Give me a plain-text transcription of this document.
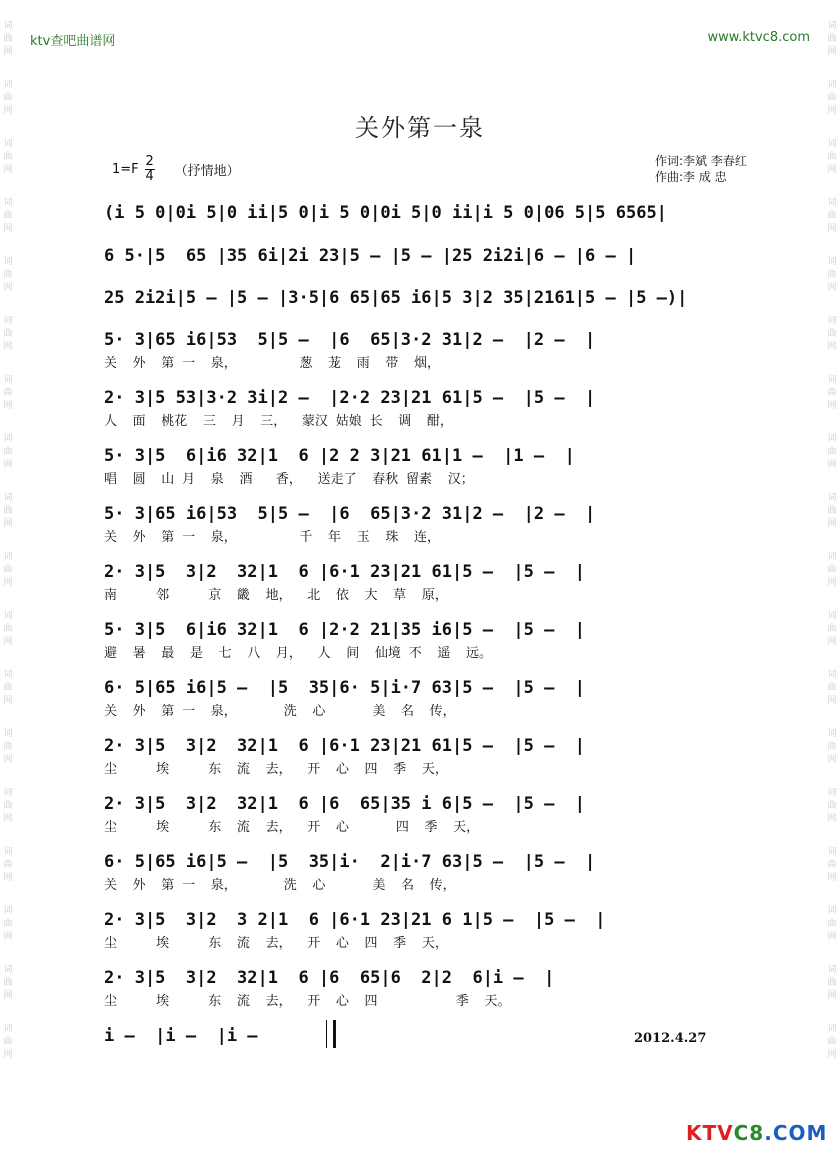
词
曲
网
词
曲
网
词
曲
网
词
曲
网
词
曲
网
词
曲
网
词
曲
网
词
曲
网
词
曲
网
词
曲
网
词
曲
网
词
曲
网
词
曲
网
词
曲
网
词
曲
网
词
曲
网
词
曲
网
词
曲
网
词
曲
网
词
曲
网
词
曲
网
词
曲
网
词
曲
网
词
曲
网
词
曲
网
词
曲
网
词
曲
网
词
曲
网
词
曲
网
词
曲
网
词
曲
网
词
曲
网
词
曲
网
词
曲
网
词
曲
网
词
曲
网
ktv查吧曲谱网	www.ktvc8.com
关外第一泉
$1=F \frac{2}{4}$ （抒情地）
作词:李斌 李春红
作曲:李 成 忠
(i 5 0|0i 5|0 ii|5 0|i 5 0|0i 5|0 ii|i 5 0|06 5|5 6565|
6 5·|5  65 |35 6i|2i 23|5 – |5 – |25 2i2i|6 – |6 – |
25 2i2i|5 – |5 – |3·5|6 65|65 i6|5 3|2 35|2161|5 – |5 –)|
5· 3|65 i6|53  5|5 –  |6  65|3·2 31|2 –  |2 –  |
关  外  第 一  泉，        葱  茏  雨  带  烟，
2· 3|5 53|3·2 3i|2 –  |2·2 23|21 61|5 –  |5 –  |
人  面  桃花  三  月  三，  蒙汉 姑娘 长  调  酣，
5· 3|5  6|i6 32|1  6 |2 2 3|21 61|1 –  |1 –  |
唱  圆  山 月  泉  酒   香，  送走了  春秋 留素  汉；
5· 3|65 i6|53  5|5 –  |6  65|3·2 31|2 –  |2 –  |
关  外  第 一  泉，        千  年  玉  珠  连，
2· 3|5  3|2  32|1  6 |6·1 23|21 61|5 –  |5 –  |
南     邻     京  畿  地，  北  依  大  草  原，
5· 3|5  6|i6 32|1  6 |2·2 21|35 i6|5 –  |5 –  |
避  暑  最  是  七  八  月，  人  间  仙境 不  遥  远。
6· 5|65 i6|5 –  |5  35|6· 5|i·7 63|5 –  |5 –  |
关  外  第 一  泉，      洗  心      美  名  传，
2· 3|5  3|2  32|1  6 |6·1 23|21 61|5 –  |5 –  |
尘     埃     东  流  去，  开  心  四  季  天，
2· 3|5  3|2  32|1  6 |6  65|35 i 6|5 –  |5 –  |
尘     埃     东  流  去，  开  心      四  季  天，
6· 5|65 i6|5 –  |5  35|i·  2|i·7 63|5 –  |5 –  |
关  外  第 一  泉，      洗  心      美  名  传，
2· 3|5  3|2  3 2|1  6 |6·1 23|21 6 1|5 –  |5 –  |
尘     埃     东  流  去，  开  心  四  季  天，
2· 3|5  3|2  32|1  6 |6  65|6  2|2  6|i –  |
尘     埃     东  流  去，  开  心  四          季  天。
i –  |i –  |i –	2012.4.27
KTVC8.COM
